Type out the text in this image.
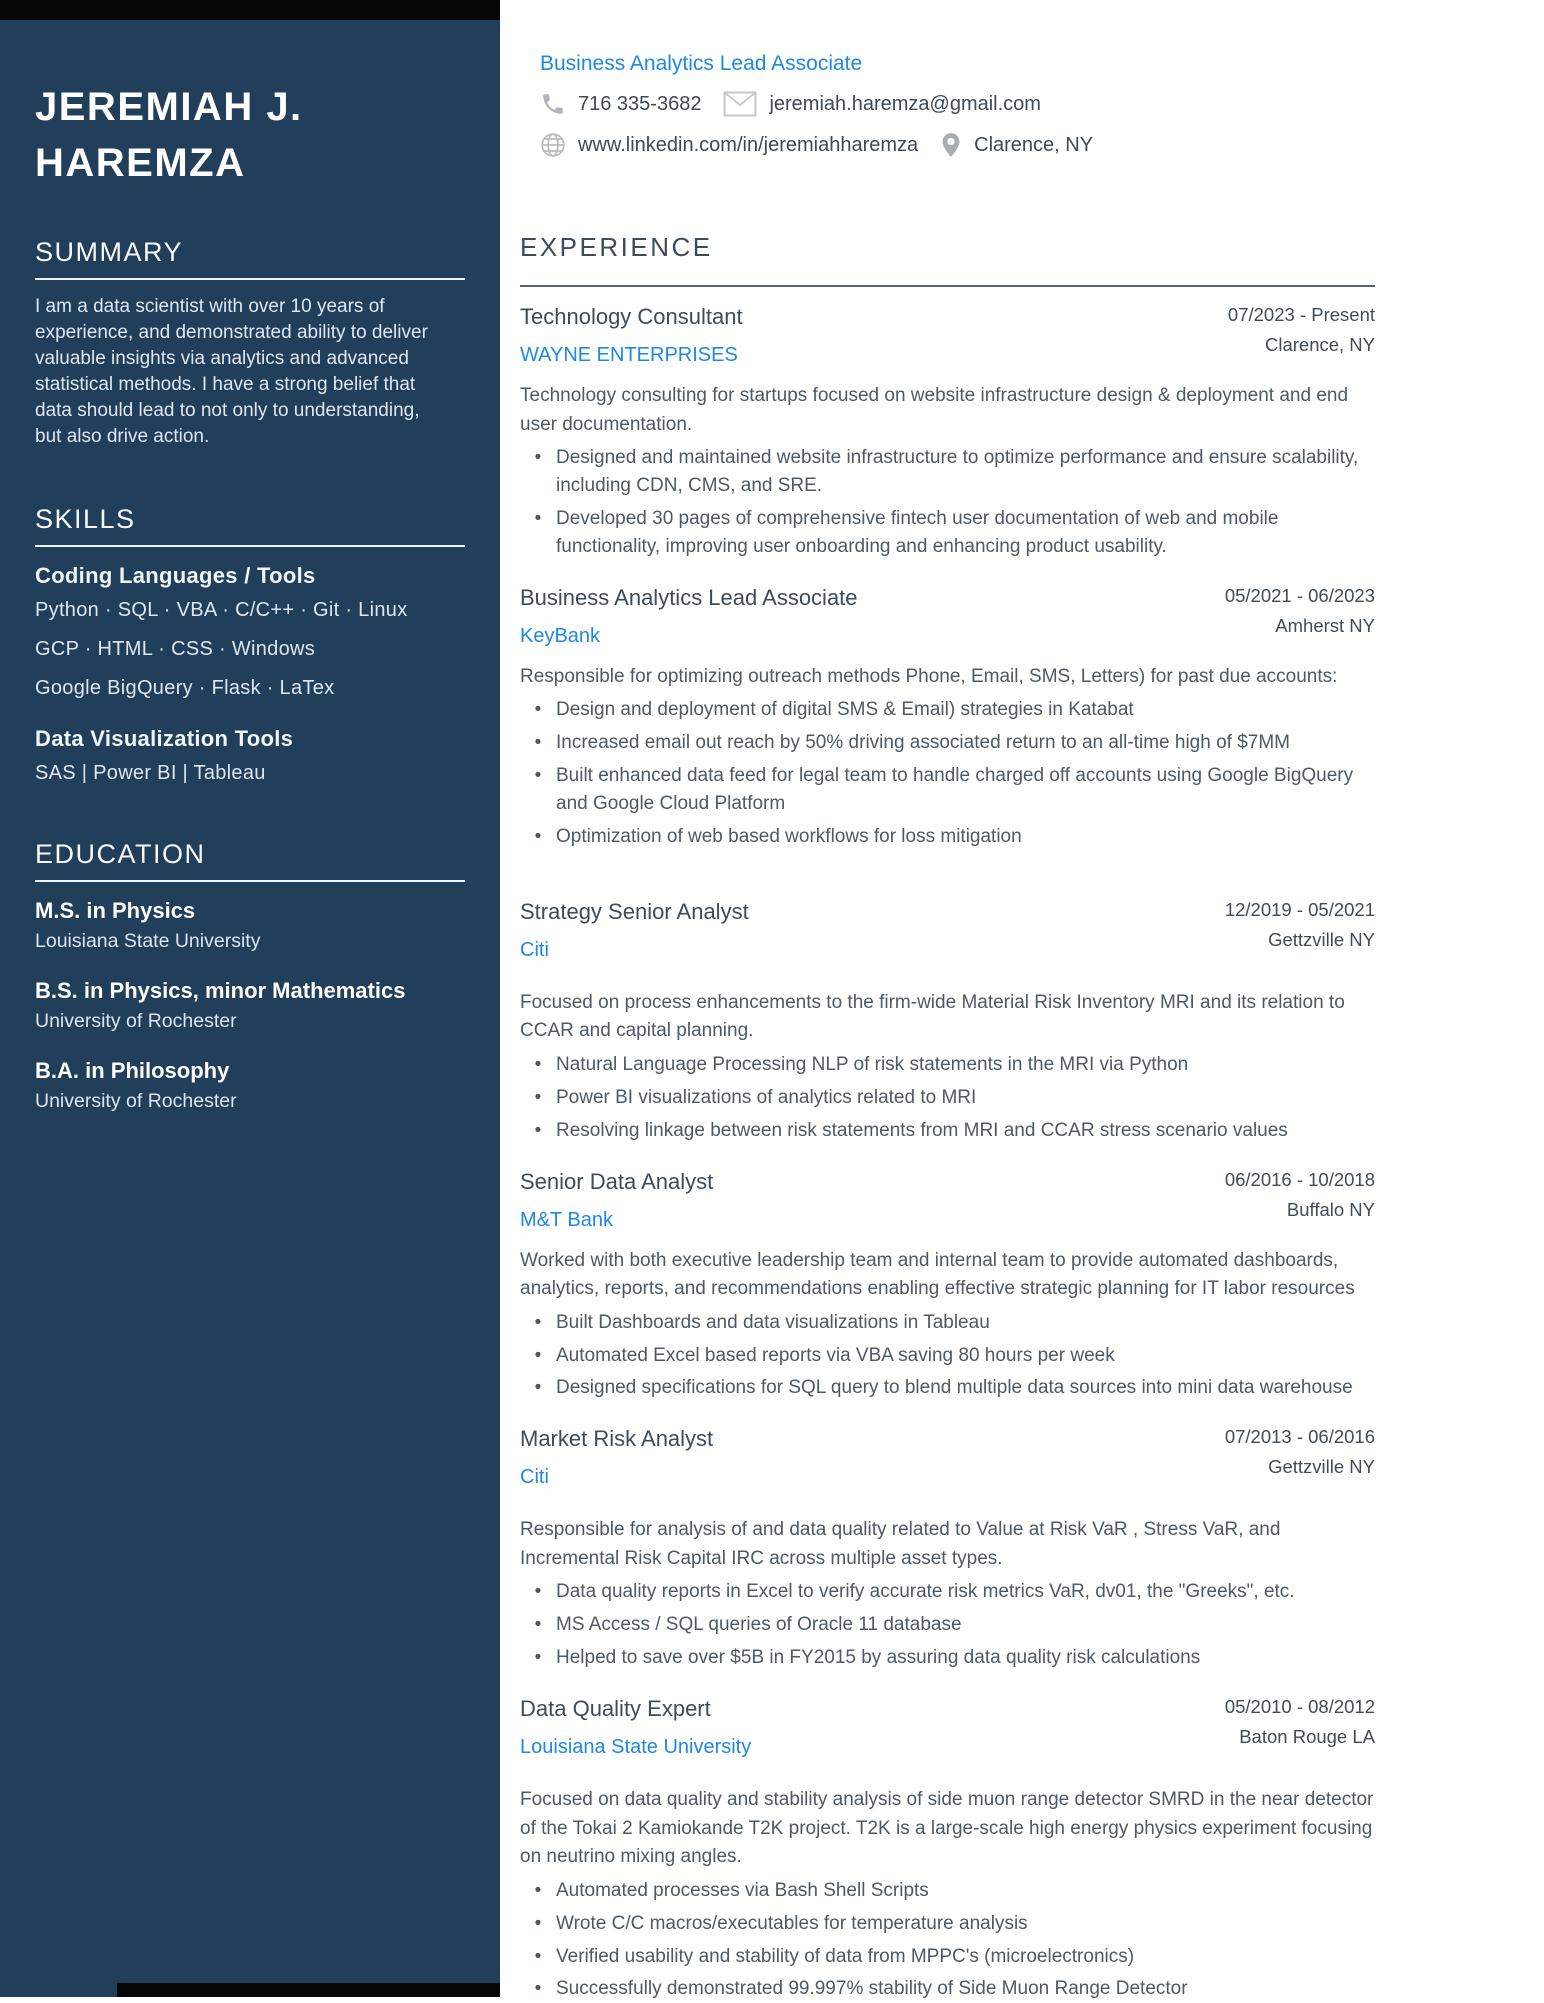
JEREMIAH J.
HAREMZA
SUMMARY

I am a data scientist with over 10 years of experience, and demonstrated ability to deliver valuable insights via analytics and advanced statistical methods. I have a strong belief that data should lead to not only to understanding, but also drive action.

SKILLS
Coding Languages / Tools
Python · SQL · VBA · C/C++ · Git · Linux
GCP · HTML · CSS · Windows
Google BigQuery · Flask · LaTex
Data Visualization Tools
SAS | Power BI | Tableau
EDUCATION
M.S. in Physics
Louisiana State University
B.S. in Physics, minor Mathematics
University of Rochester
B.A. in Philosophy
University of Rochester
Business Analytics Lead Associate
716 335-3682	jeremiah.haremza@gmail.com
www.linkedin.com/in/jeremiahharemza	Clarence, NY
EXPERIENCE
Technology Consultant
WAYNE ENTERPRISES
07/2023 - Present
Clarence, NY

Technology consulting for startups focused on website infrastructure design & deployment and end user documentation.

• Designed and maintained website infrastructure to optimize performance and ensure scalability, including CDN, CMS, and SRE.
• Developed 30 pages of comprehensive fintech user documentation of web and mobile functionality, improving user onboarding and enhancing product usability.
Business Analytics Lead Associate
KeyBank
05/2021 - 06/2023
Amherst NY

Responsible for optimizing outreach methods Phone, Email, SMS, Letters) for past due accounts:

• Design and deployment of digital SMS & Email) strategies in Katabat
• Increased email out reach by 50% driving associated return to an all-time high of $7MM
• Built enhanced data feed for legal team to handle charged off accounts using Google BigQuery and Google Cloud Platform
• Optimization of web based workflows for loss mitigation
Strategy Senior Analyst
Citi
12/2019 - 05/2021
Gettzville NY

Focused on process enhancements to the firm-wide Material Risk Inventory MRI and its relation to CCAR and capital planning.

• Natural Language Processing NLP of risk statements in the MRI via Python
• Power BI visualizations of analytics related to MRI
• Resolving linkage between risk statements from MRI and CCAR stress scenario values
Senior Data Analyst
M&T Bank
06/2016 - 10/2018
Buffalo NY

Worked with both executive leadership team and internal team to provide automated dashboards, analytics, reports, and recommendations enabling effective strategic planning for IT labor resources

• Built Dashboards and data visualizations in Tableau
• Automated Excel based reports via VBA saving 80 hours per week
• Designed specifications for SQL query to blend multiple data sources into mini data warehouse
Market Risk Analyst
Citi
07/2013 - 06/2016
Gettzville NY

Responsible for analysis of and data quality related to Value at Risk VaR , Stress VaR, and Incremental Risk Capital IRC across multiple asset types.

• Data quality reports in Excel to verify accurate risk metrics VaR, dv01, the "Greeks", etc.
• MS Access / SQL queries of Oracle 11 database
• Helped to save over $5B in FY2015 by assuring data quality risk calculations
Data Quality Expert
Louisiana State University
05/2010 - 08/2012
Baton Rouge LA

Focused on data quality and stability analysis of side muon range detector SMRD in the near detector of the Tokai 2 Kamiokande T2K project. T2K is a large-scale high energy physics experiment focusing on neutrino mixing angles.

• Automated processes via Bash Shell Scripts
• Wrote C/C macros/executables for temperature analysis
• Verified usability and stability of data from MPPC's (microelectronics)
• Successfully demonstrated 99.997% stability of Side Muon Range Detector
